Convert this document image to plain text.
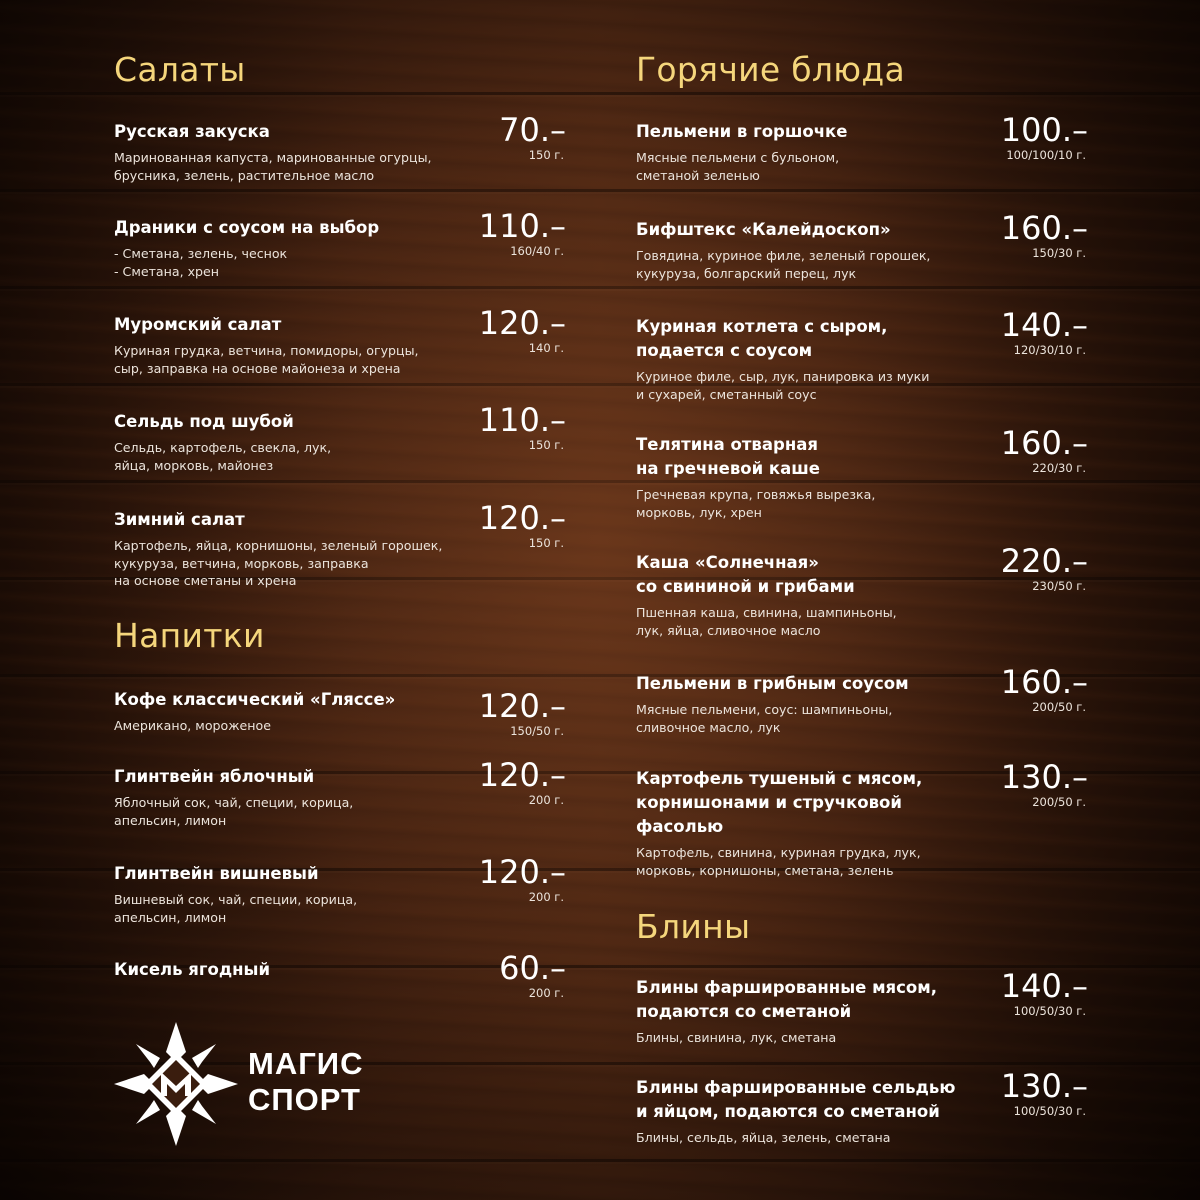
Салаты
Русская закуска
Маринованная капуста, маринованные огурцы,
брусника, зелень, растительное масло
70.–
150 г.
Драники с соусом на выбор
- Сметана, зелень, чеснок
- Сметана, хрен
110.–
160/40 г.
Муромский салат
Куриная грудка, ветчина, помидоры, огурцы,
сыр, заправка на основе майонеза и хрена
120.–
140 г.
Сельдь под шубой
Сельдь, картофель, свекла, лук,
яйца, морковь, майонез
110.–
150 г.
Зимний салат
Картофель, яйца, корнишоны, зеленый горошек,
кукуруза, ветчина, морковь, заправка
на основе сметаны и хрена
120.–
150 г.
Напитки
Кофе классический «Гляссе»
Американо, мороженое
120.–
150/50 г.
Глинтвейн яблочный
Яблочный сок, чай, специи, корица,
апельсин, лимон
120.–
200 г.
Глинтвейн вишневый
Вишневый сок, чай, специи, корица,
апельсин, лимон
120.–
200 г.
Кисель ягодный	60.–
200 г.
МАГИС
СПОРТ
Горячие блюда
Пельмени в горшочке
Мясные пельмени с бульоном,
сметаной зеленью
100.–
100/100/10 г.
Бифштекс «Калейдоскоп»
Говядина, куриное филе, зеленый горошек,
кукуруза, болгарский перец, лук
160.–
150/30 г.
Куриная котлета с сыром,
подается с соусом
Куриное филе, сыр, лук, панировка из муки
и сухарей, сметанный соус
140.–
120/30/10 г.
Телятина отварная
на гречневой каше
Гречневая крупа, говяжья вырезка,
морковь, лук, хрен
160.–
220/30 г.
Каша «Солнечная»
со свининой и грибами
Пшенная каша, свинина, шампиньоны,
лук, яйца, сливочное масло
220.–
230/50 г.
Пельмени в грибным соусом
Мясные пельмени, соус: шампиньоны,
сливочное масло, лук
160.–
200/50 г.
Картофель тушеный с мясом,
корнишонами и стручковой
фасолью
Картофель, свинина, куриная грудка, лук,
морковь, корнишоны, сметана, зелень
130.–
200/50 г.
Блины
Блины фаршированные мясом,
подаются со сметаной
Блины, свинина, лук, сметана
140.–
100/50/30 г.
Блины фаршированные сельдью
и яйцом, подаются со сметаной
Блины, сельдь, яйца, зелень, сметана
130.–
100/50/30 г.
